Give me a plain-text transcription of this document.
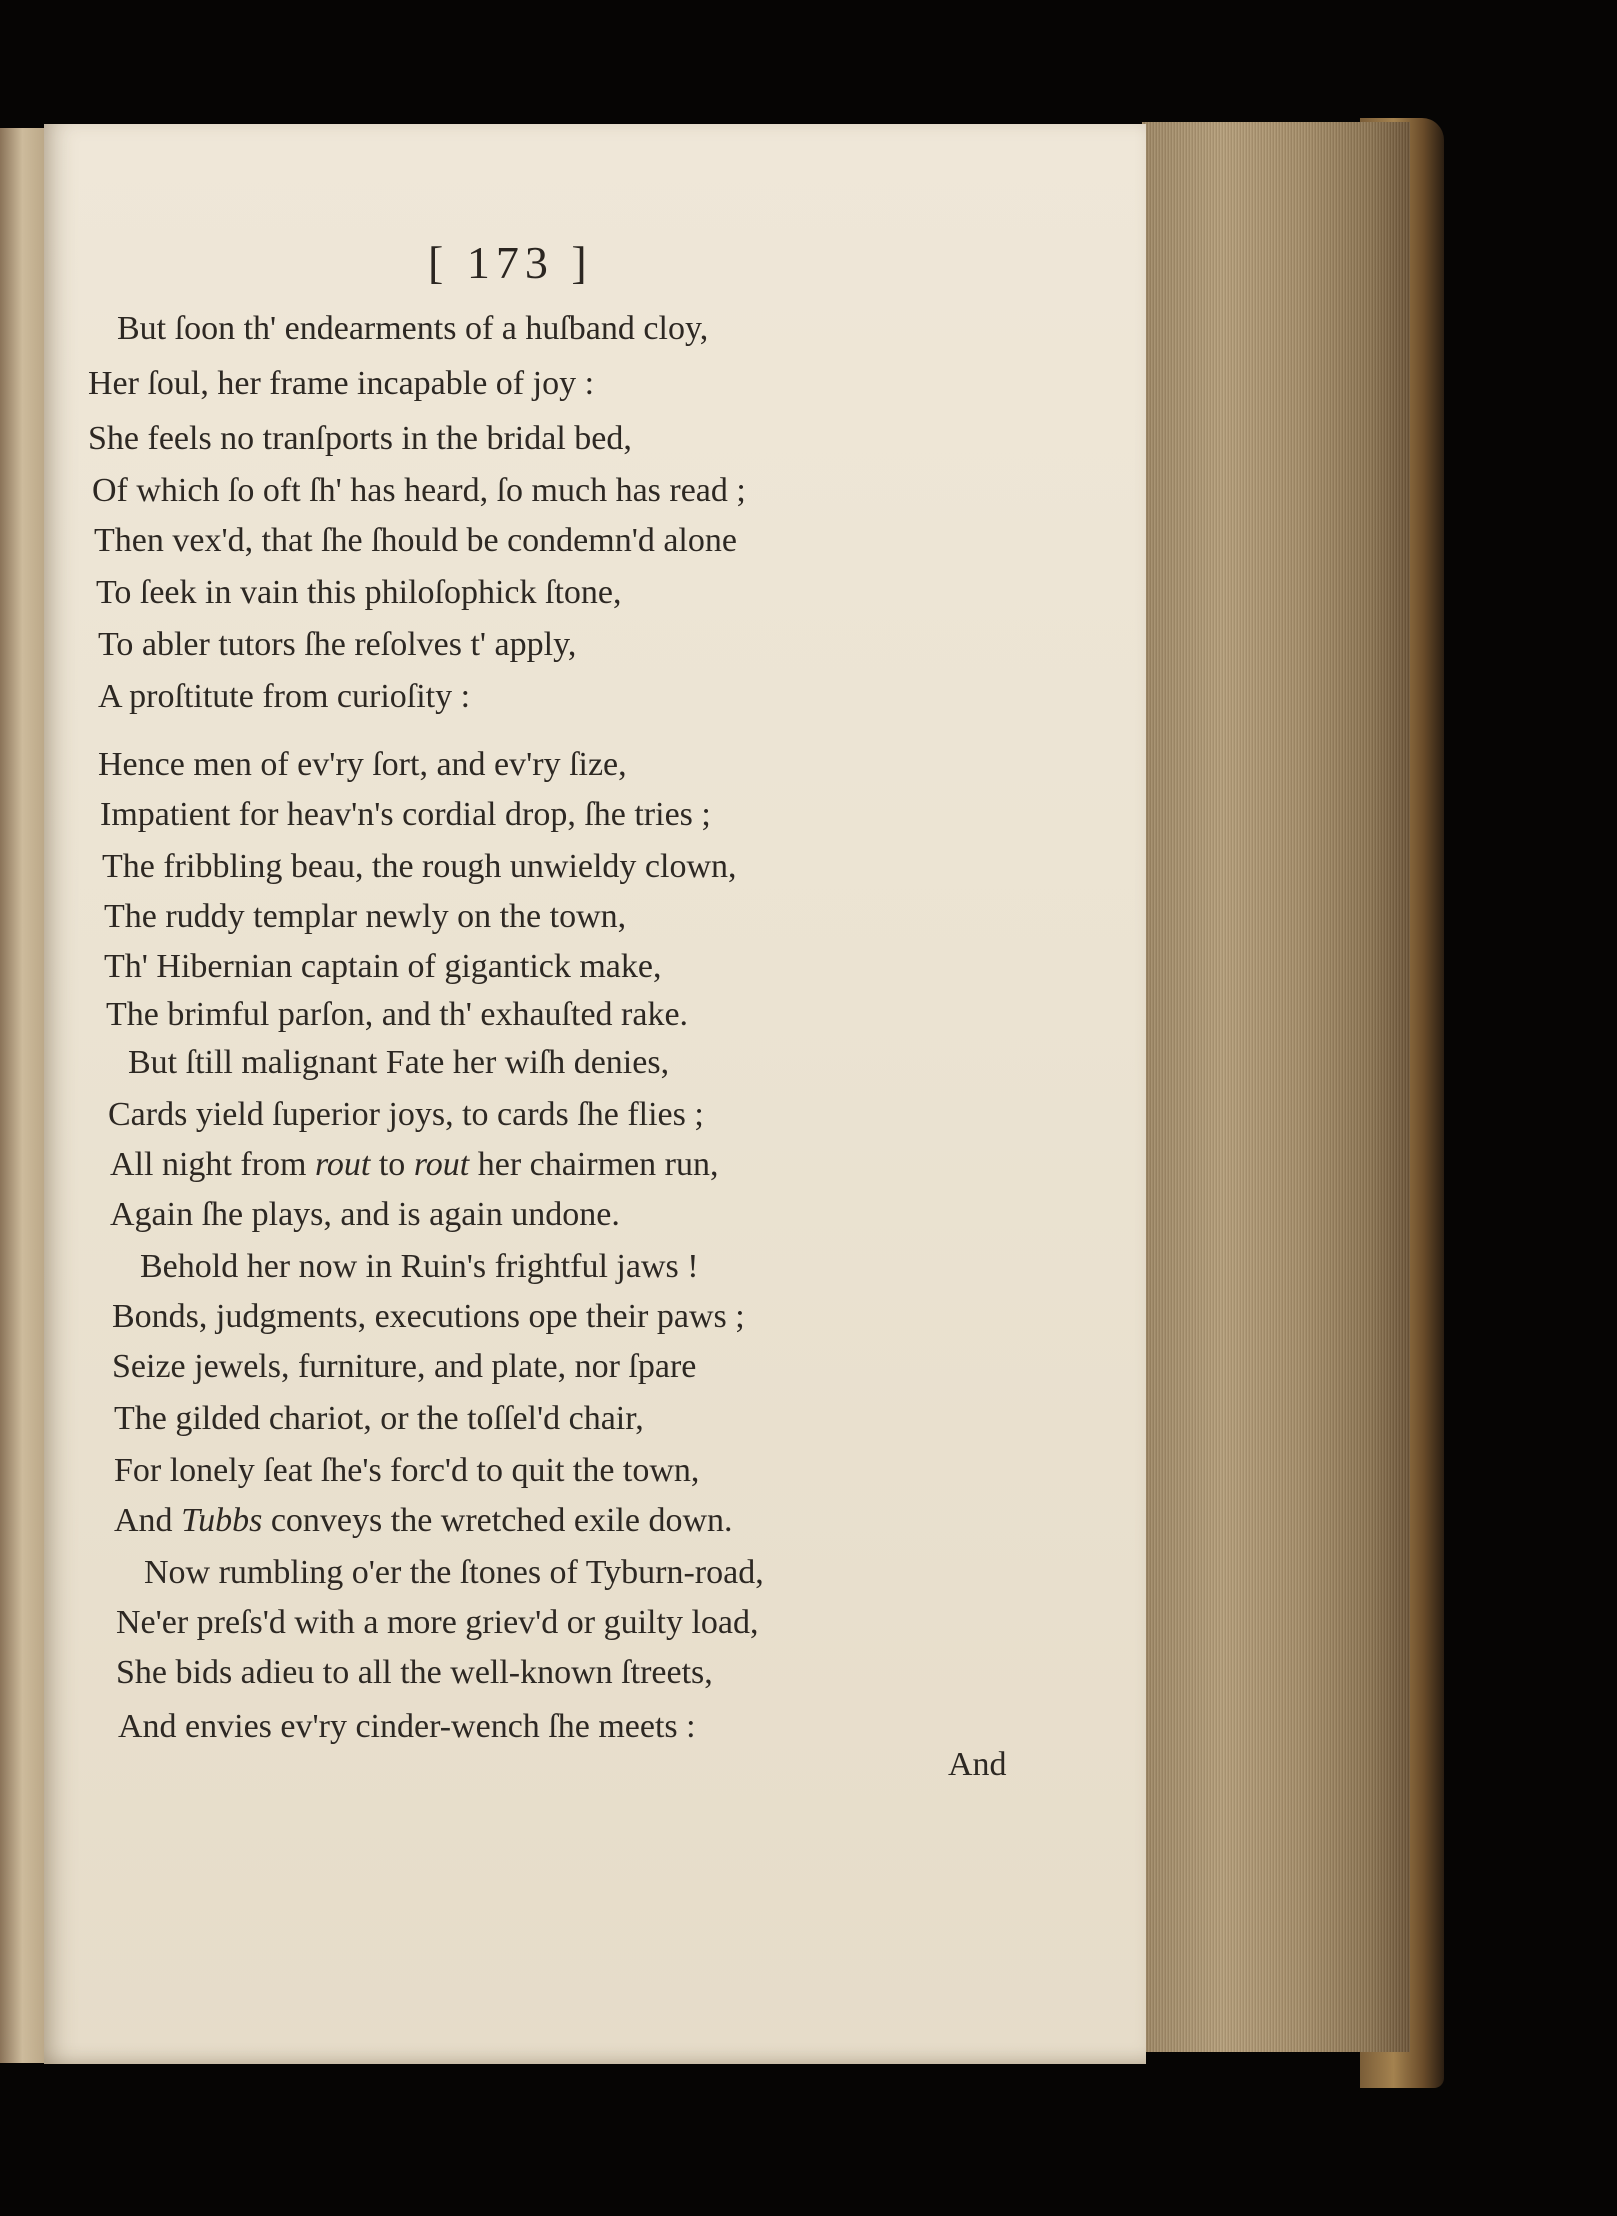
[ 173 ]
But ſoon th' endearments of a huſband cloy,
Her ſoul, her frame incapable of joy :
She feels no tranſports in the bridal bed,
Of which ſo oft ſh' has heard, ſo much has read ;
Then vex'd, that ſhe ſhould be condemn'd alone
To ſeek in vain this philoſophick ſtone,
To abler tutors ſhe reſolves t' apply,
A proſtitute from curioſity :
Hence men of ev'ry ſort, and ev'ry ſize,
Impatient for heav'n's cordial drop, ſhe tries ;
The fribbling beau, the rough unwieldy clown,
The ruddy templar newly on the town,
Th' Hibernian captain of gigantick make,
The brimful parſon, and th' exhauſted rake.
But ſtill malignant Fate her wiſh denies,
Cards yield ſuperior joys, to cards ſhe flies ;
All night from rout to rout her chairmen run,
Again ſhe plays, and is again undone.
Behold her now in Ruin's frightful jaws !
Bonds, judgments, executions ope their paws ;
Seize jewels, furniture, and plate, nor ſpare
The gilded chariot, or the toſſel'd chair,
For lonely ſeat ſhe's forc'd to quit the town,
And Tubbs conveys the wretched exile down.
Now rumbling o'er the ſtones of Tyburn-road,
Ne'er preſs'd with a more griev'd or guilty load,
She bids adieu to all the well-known ſtreets,
And envies ev'ry cinder-wench ſhe meets :
And
